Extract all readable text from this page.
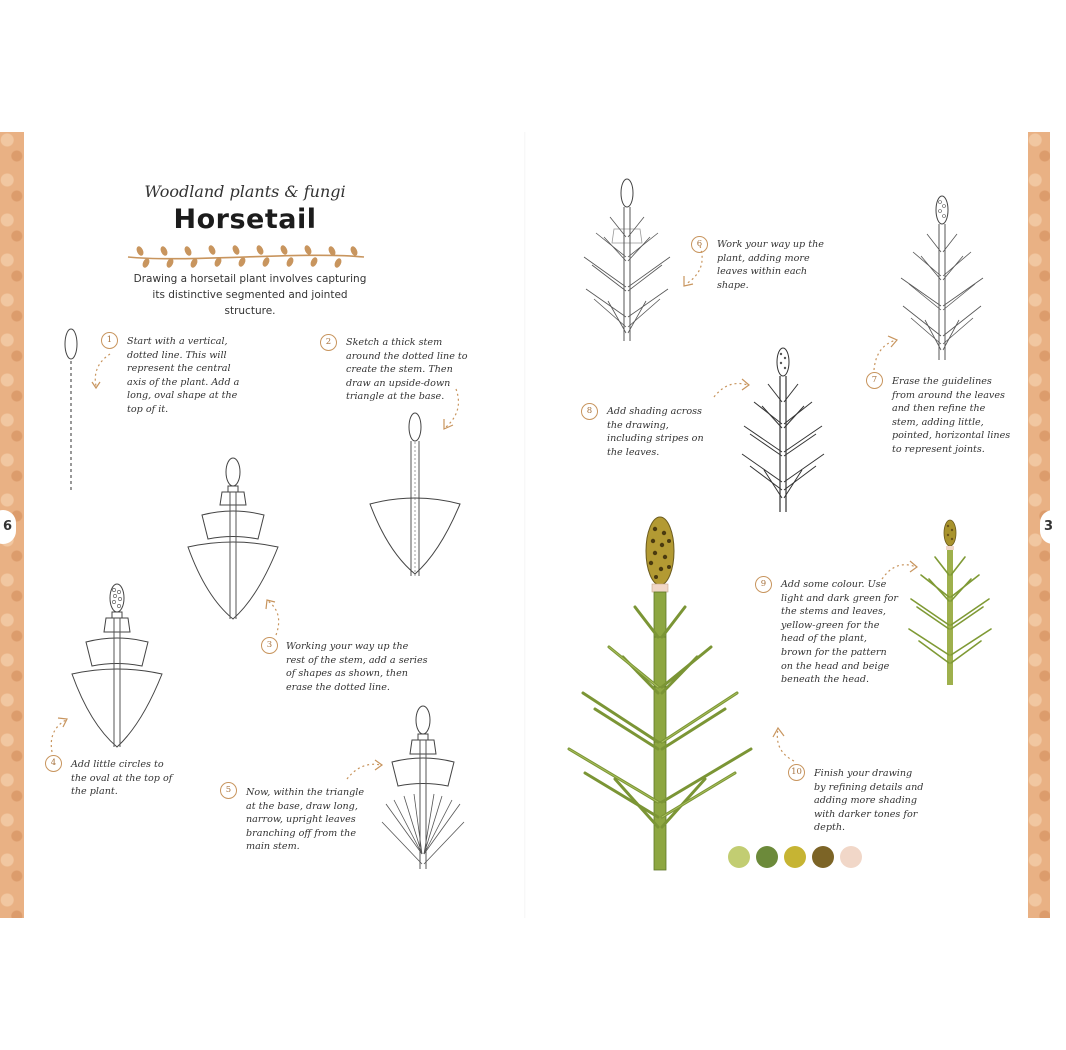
6	3
Woodland plants & fungi
Horsetail
Drawing a horsetail plant involves capturing its distinctive segmented and jointed structure.
1	Start with a vertical, dotted line. This will represent the central axis of the plant. Add a long, oval shape at the top of it.
2	Sketch a thick stem around the dotted line to create the stem. Then draw an upside-down triangle at the base.
3	Working your way up the rest of the stem, add a series of shapes as shown, then erase the dotted line.
4	Add little circles to the oval at the top of the plant.	5	Now, within the triangle at the base, draw long, narrow, upright leaves branching off from the main stem.
6	Work your way up the plant, adding more leaves within each shape.
7	Erase the guidelines from around the leaves and then refine the stem, adding little, pointed, horizontal lines to represent joints.
8	Add shading across the drawing, including stripes on the leaves.
9	Add some colour. Use light and dark green for the stems and leaves, yellow-green for the head of the plant, brown for the pattern on the head and beige beneath the head.
10	Finish your drawing by refining details and adding more shading with darker tones for depth.
